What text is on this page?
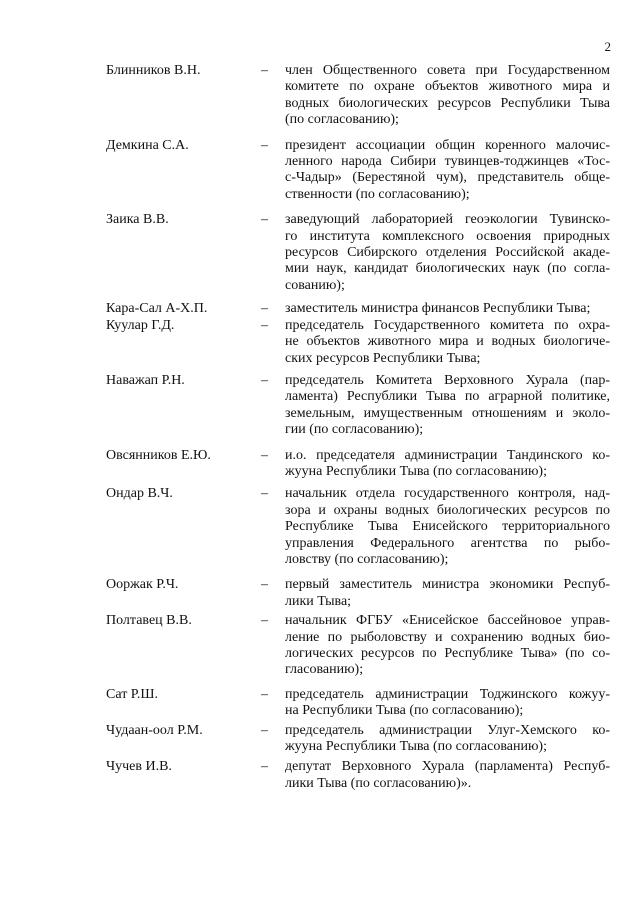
2
Блинников В.Н.	–	член Общественного совета при Государственном
комитете по охране объектов животного мира и
водных биологических ресурсов Республики Тыва
(по согласованию);
Демкина С.А.	–	президент ассоциации общин коренного малочис-
ленного народа Сибири тувинцев-тоджинцев «Тос-
с-Чадыр» (Берестяной чум), представитель обще-
ственности (по согласованию);
Заика В.В.	–	заведующий лабораторией геоэкологии Тувинско-
го института комплексного освоения природных
ресурсов Сибирского отделения Российской акаде-
мии наук, кандидат биологических наук (по согла-
сованию);
Кара-Сал А-Х.П.	–	заместитель министра финансов Республики Тыва;
Куулар Г.Д.	–	председатель Государственного комитета по охра-
не объектов животного мира и водных биологиче-
ских ресурсов Республики Тыва;
Наважап Р.Н.	–	председатель Комитета Верховного Хурала (пар-
ламента) Республики Тыва по аграрной политике,
земельным, имущественным отношениям и эколо-
гии (по согласованию);
Овсянников Е.Ю.	–	и.о. председателя администрации Тандинского ко-
жууна Республики Тыва (по согласованию);
Ондар В.Ч.	–	начальник отдела государственного контроля, над-
зора и охраны водных биологических ресурсов по
Республике Тыва Енисейского территориального
управления Федерального агентства по рыбо-
ловству (по согласованию);
Ооржак Р.Ч.	–	первый заместитель министра экономики Респуб-
лики Тыва;
Полтавец В.В.	–	начальник ФГБУ «Енисейское бассейновое управ-
ление по рыболовству и сохранению водных био-
логических ресурсов по Республике Тыва» (по со-
гласованию);
Сат Р.Ш.	–	председатель администрации Тоджинского кожуу-
на Республики Тыва (по согласованию);
Чудаан-оол Р.М.	–	председатель администрации Улуг-Хемского ко-
жууна Республики Тыва (по согласованию);
Чучев И.В.	–	депутат Верховного Хурала (парламента) Респуб-
лики Тыва (по согласованию)».
